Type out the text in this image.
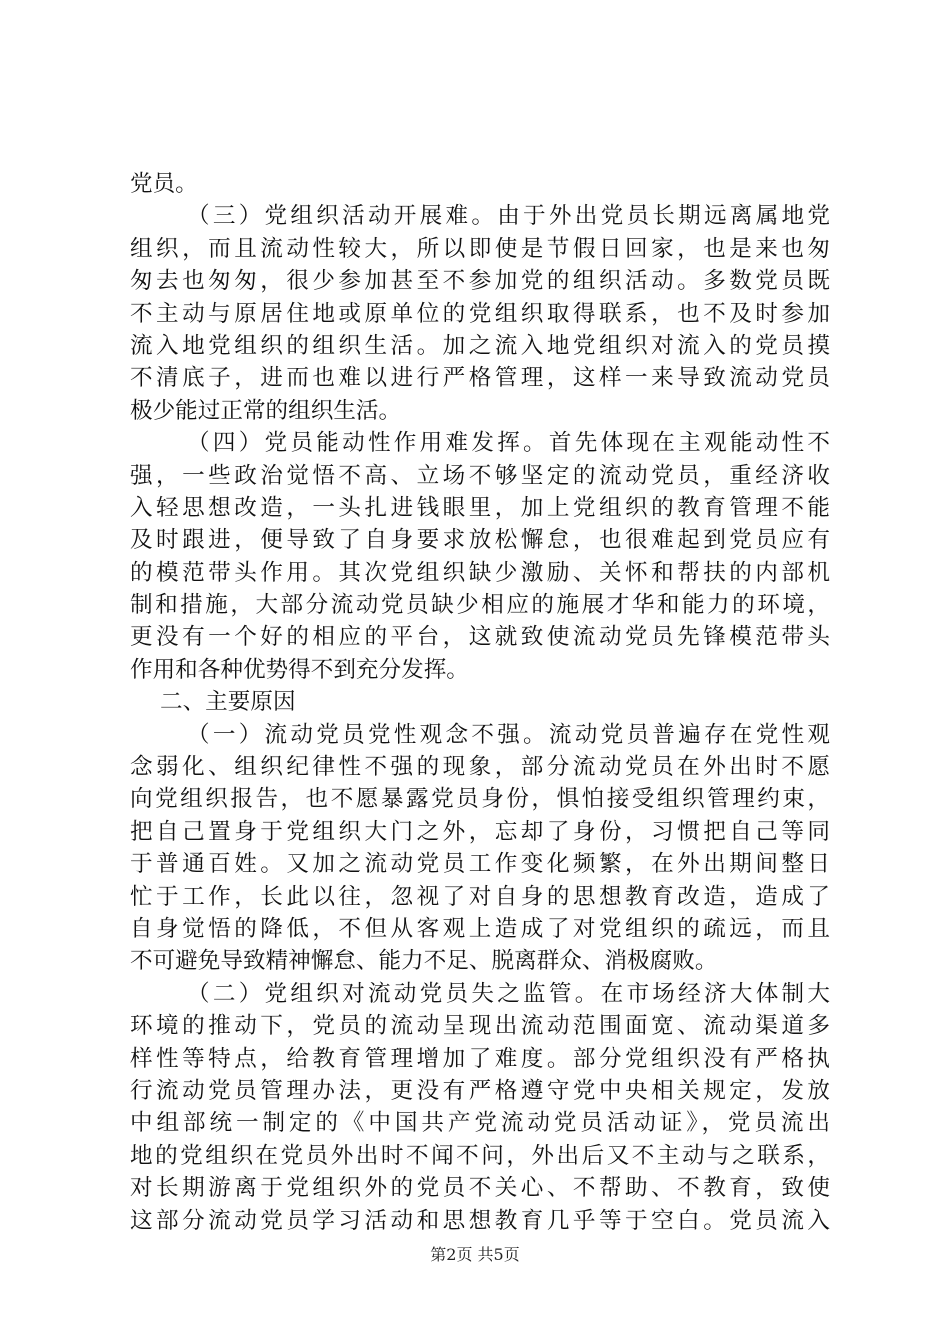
党员。
（三）党组织活动开展难。由于外出党员长期远离属地党
组织，而且流动性较大，所以即使是节假日回家，也是来也匆
匆去也匆匆，很少参加甚至不参加党的组织活动。多数党员既
不主动与原居住地或原单位的党组织取得联系，也不及时参加
流入地党组织的组织生活。加之流入地党组织对流入的党员摸
不清底子，进而也难以进行严格管理，这样一来导致流动党员
极少能过正常的组织生活。
（四）党员能动性作用难发挥。首先体现在主观能动性不
强，一些政治觉悟不高、立场不够坚定的流动党员，重经济收
入轻思想改造，一头扎进钱眼里，加上党组织的教育管理不能
及时跟进，便导致了自身要求放松懈怠，也很难起到党员应有
的模范带头作用。其次党组织缺少激励、关怀和帮扶的内部机
制和措施，大部分流动党员缺少相应的施展才华和能力的环境，
更没有一个好的相应的平台，这就致使流动党员先锋模范带头
作用和各种优势得不到充分发挥。
二、主要原因
（一）流动党员党性观念不强。流动党员普遍存在党性观
念弱化、组织纪律性不强的现象，部分流动党员在外出时不愿
向党组织报告，也不愿暴露党员身份，惧怕接受组织管理约束，
把自己置身于党组织大门之外，忘却了身份，习惯把自己等同
于普通百姓。又加之流动党员工作变化频繁，在外出期间整日
忙于工作，长此以往，忽视了对自身的思想教育改造，造成了
自身觉悟的降低，不但从客观上造成了对党组织的疏远，而且
不可避免导致精神懈怠、能力不足、脱离群众、消极腐败。
（二）党组织对流动党员失之监管。在市场经济大体制大
环境的推动下，党员的流动呈现出流动范围面宽、流动渠道多
样性等特点，给教育管理增加了难度。部分党组织没有严格执
行流动党员管理办法，更没有严格遵守党中央相关规定，发放
中组部统一制定的《中国共产党流动党员活动证》，党员流出
地的党组织在党员外出时不闻不问，外出后又不主动与之联系，
对长期游离于党组织外的党员不关心、不帮助、不教育，致使
这部分流动党员学习活动和思想教育几乎等于空白。党员流入
第2页 共5页
